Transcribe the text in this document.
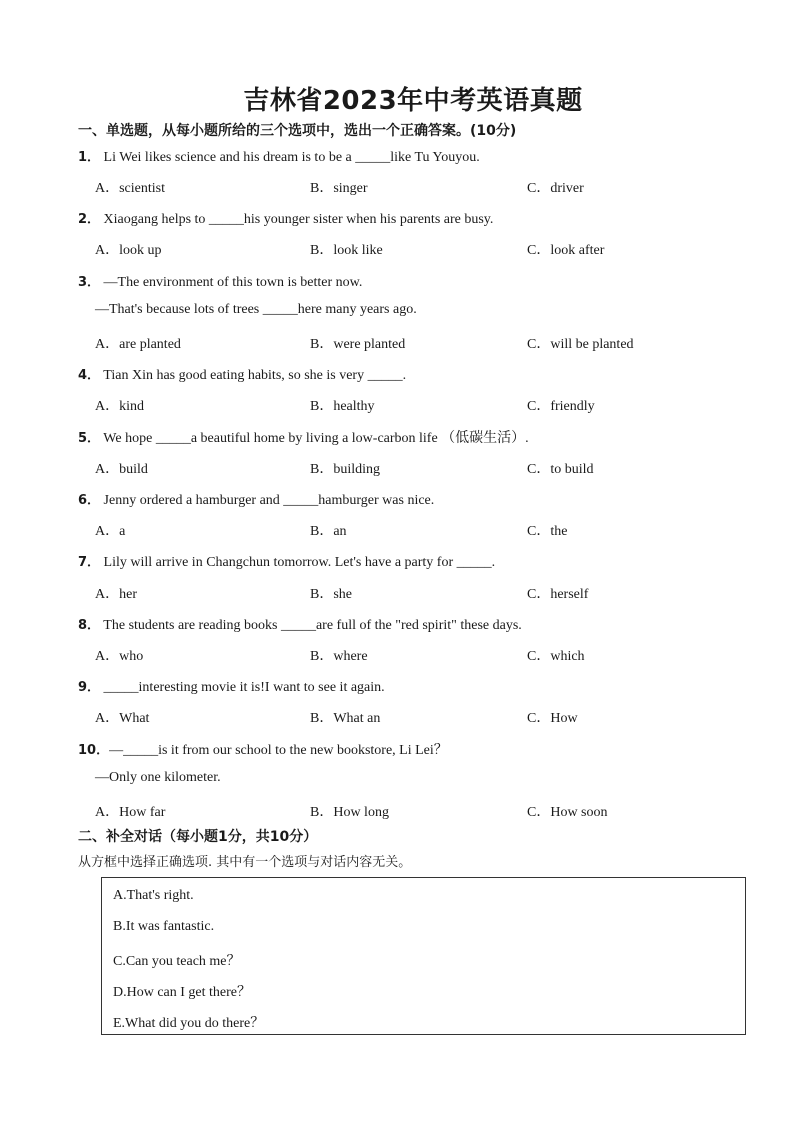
吉林省2023年中考英语真题
一、单选题，从每小题所给的三个选项中，选出一个正确答案。(10分)
1． Li Wei likes science and his dream is to be a _____like Tu Youyou.
A．scientist	B．singer	C．driver
2． Xiaogang helps to _____his younger sister when his parents are busy.
A．look up	B．look like	C．look after
3． —The environment of this town is better now.
—That's because lots of trees _____here many years ago.
A．are planted	B．were planted	C．will be planted
4． Tian Xin has good eating habits, so she is very _____.
A．kind	B．healthy	C．friendly
5． We hope _____a beautiful home by living a low-carbon life （低碳生活）.
A．build	B．building	C．to build
6． Jenny ordered a hamburger and _____hamburger was nice.
A．a	B．an	C．the
7． Lily will arrive in Changchun tomorrow. Let's have a party for _____.
A．her	B．she	C．herself
8． The students are reading books _____are full of the "red spirit" these days.
A．who	B．where	C．which
9． _____interesting movie it is!I want to see it again.
A．What	B．What an	C．How
10．—_____is it from our school to the new bookstore, Li Lei？
—Only one kilometer.
A．How far	B．How long	C．How soon
二、补全对话（每小题1分，共10分）
从方框中选择正确选项. 其中有一个选项与对话内容无关。
A.That's right.
B.It was fantastic.
C.Can you teach me？
D.How can I get there？
E.What did you do there？
